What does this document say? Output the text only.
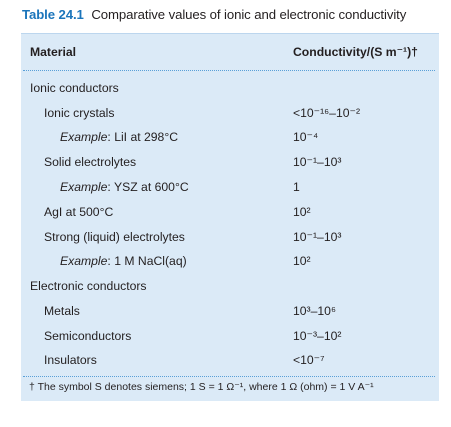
Table 24.1 Comparative values of ionic and electronic conductivity
Material	Conductivity/(S m⁻¹)†
Ionic conductors
Ionic crystals	<10⁻¹⁶–10⁻²
Example: LiI at 298°C	10⁻⁴
Solid electrolytes	10⁻¹–10³
Example: YSZ at 600°C	1
AgI at 500°C	10²
Strong (liquid) electrolytes	10⁻¹–10³
Example: 1 M NaCl(aq)	10²
Electronic conductors
Metals	10³–10⁶
Semiconductors	10⁻³–10²
Insulators	<10⁻⁷
† The symbol S denotes siemens; 1 S = 1 Ω⁻¹, where 1 Ω (ohm) = 1 V A⁻¹
